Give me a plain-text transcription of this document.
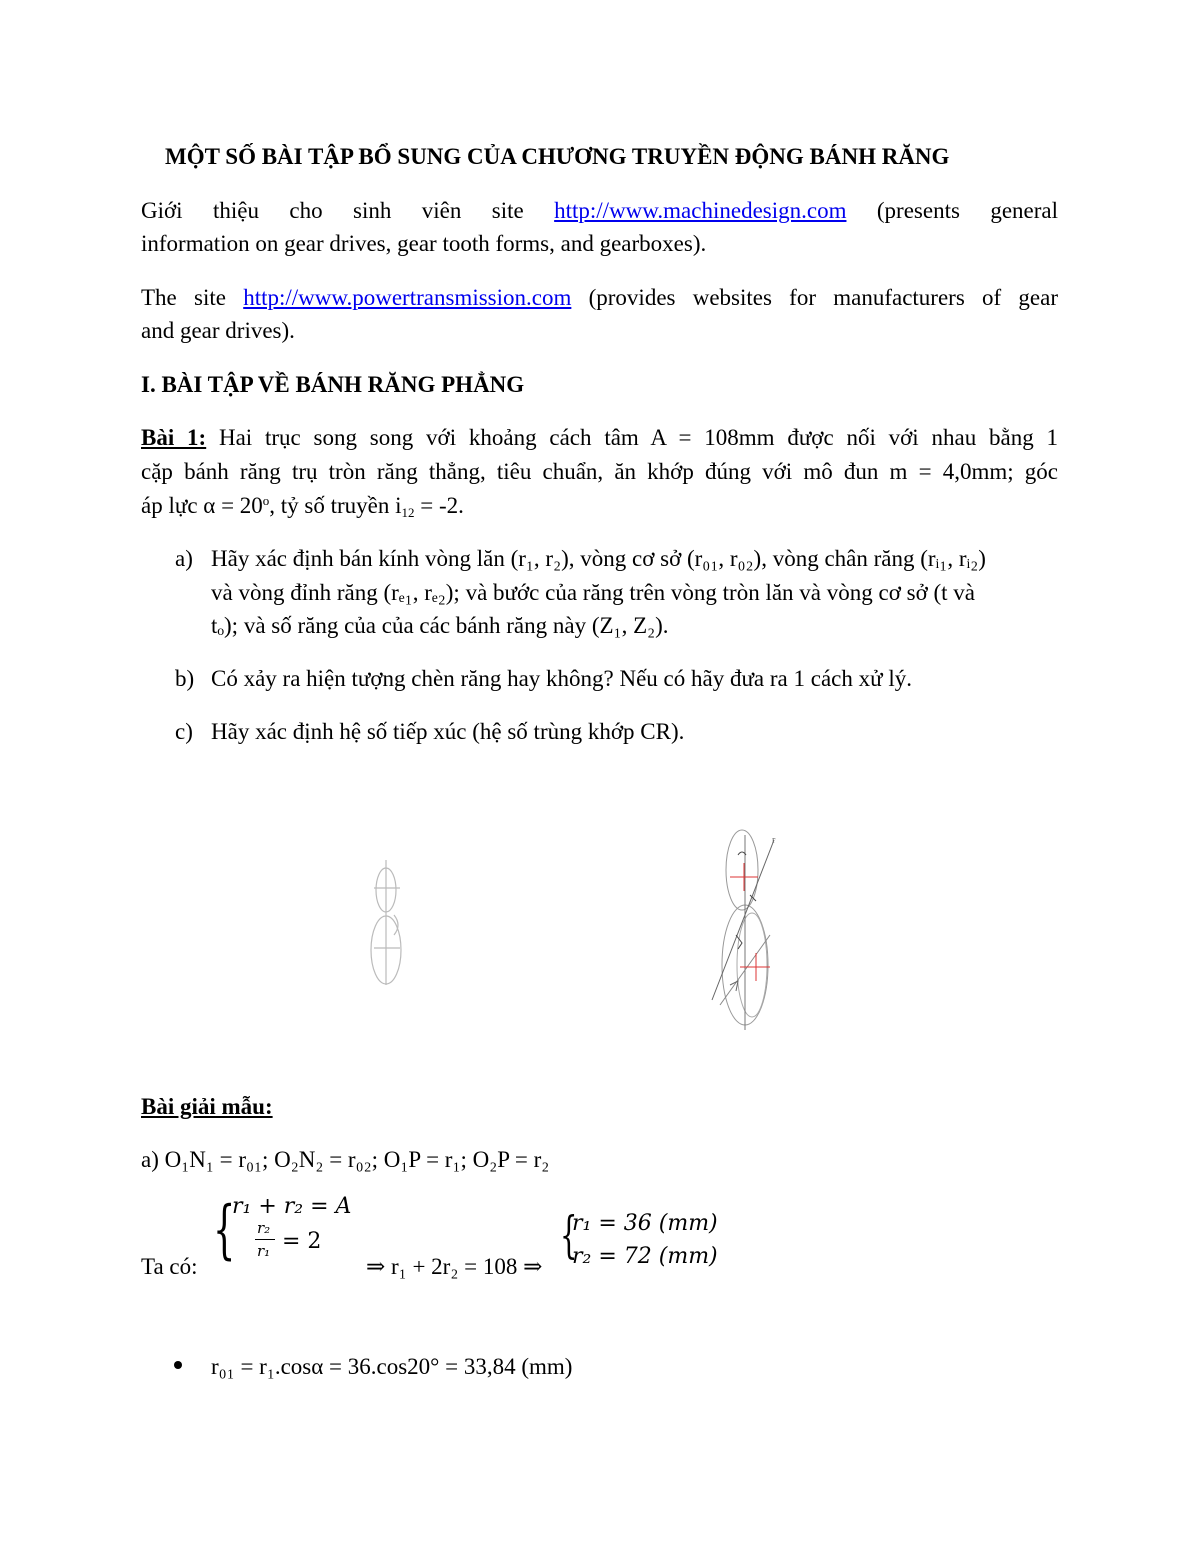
MỘT SỐ BÀI TẬP BỔ SUNG CỦA CHƯƠNG TRUYỀN ĐỘNG BÁNH RĂNG
Giới thiệu cho sinh viên site http://www.machinedesign.com (presents general
information on gear drives, gear tooth forms, and gearboxes).
The site http://www.powertransmission.com (provides websites for manufacturers of gear
and gear drives).
I. BÀI TẬP VỀ BÁNH RĂNG PHẲNG
Bài 1: Hai trục song song với khoảng cách tâm A = 108mm được nối với nhau bằng 1
cặp bánh răng trụ tròn răng thẳng, tiêu chuẩn, ăn khớp đúng với mô đun m = 4,0mm; góc
áp lực $\alpha = 20^o$, tỷ số truyền $i_{12} = -2$.
a) Hãy xác định bán kính vòng lăn (r₁, r₂), vòng cơ sở (r₀₁, r₀₂), vòng chân răng (rᵢ₁, rᵢ₂)
và vòng đỉnh răng (rₑ₁, rₑ₂); và bước của răng trên vòng tròn lăn và vòng cơ sở (t và
tₒ); và số răng của của các bánh răng này (Z₁, Z₂).
b) Có xảy ra hiện tượng chèn răng hay không? Nếu có hãy đưa ra 1 cách xử lý.
c) Hãy xác định hệ số tiếp xúc (hệ số trùng khớp CR).
r
Bài giải mẫu:
a) O₁N₁ = r₀₁; O₂N₂ = r₀₂; O₁P = r₁; O₂P = r₂
{
r₁ + r₂ = A
r₂
r₁ = 2
Ta có:	⇒ r₁ + 2r₂ = 108 ⇒
{
r₁ = 36 (mm)
r₂ = 72 (mm)
r₀₁ = r₁.cosα = 36.cos20° = 33,84 (mm)
